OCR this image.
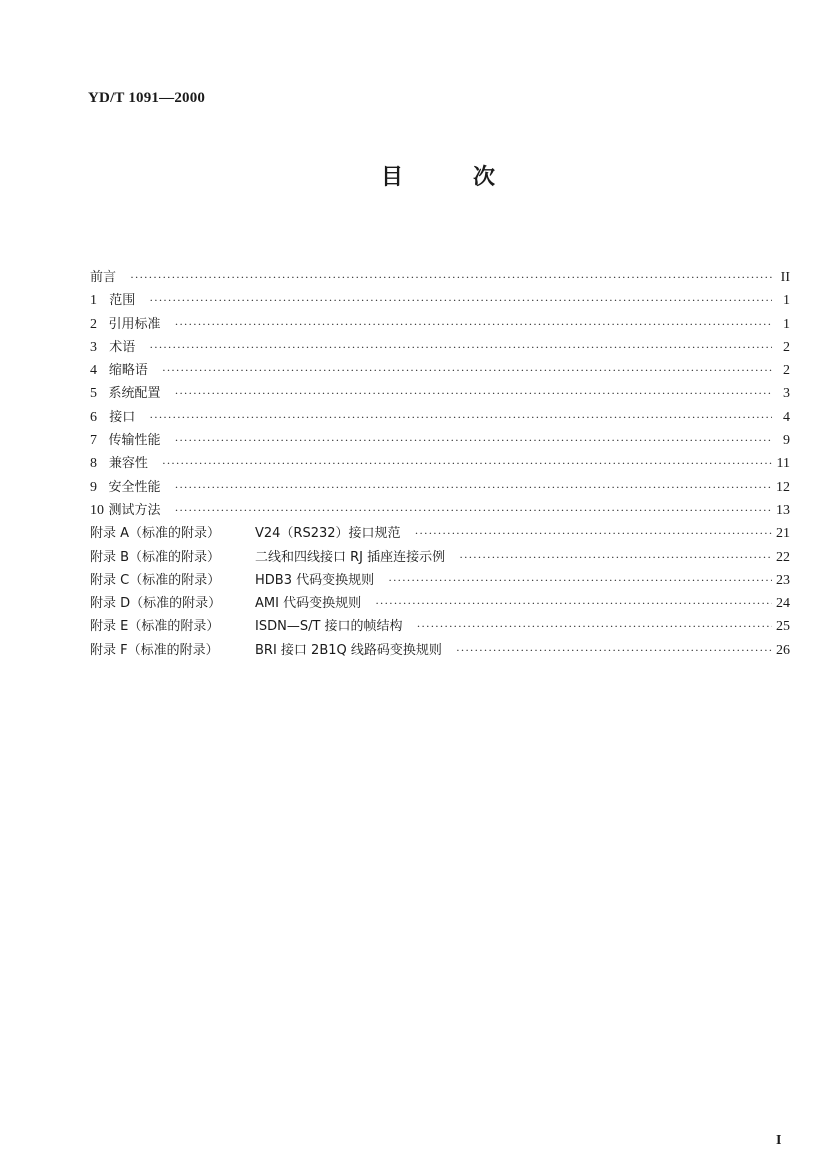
YD/T 1091—2000
目	次
前言 ·····	II
1 范围 ·····	1
2 引用标准 ·····	1
3 术语 ·····	2
4 缩略语 ·····	2
5 系统配置 ·····	3
6 接口 ·····	4
7 传输性能 ·····	9
8 兼容性 ·····	11
9 安全性能 ·····	12
10 测试方法 ·····	13
附录 A（标准的附录）	V24（RS232）接口规范 ·····	21
附录 B（标准的附录）	二线和四线接口 RJ 插座连接示例 ·····	22
附录 C（标准的附录）	HDB3 代码变换规则 ·····	23
附录 D（标准的附录）	AMI 代码变换规则 ·····	24
附录 E（标准的附录）	ISDN—S/T 接口的帧结构 ·····	25
附录 F（标准的附录）	BRI 接口 2B1Q 线路码变换规则 ·····	26
I
